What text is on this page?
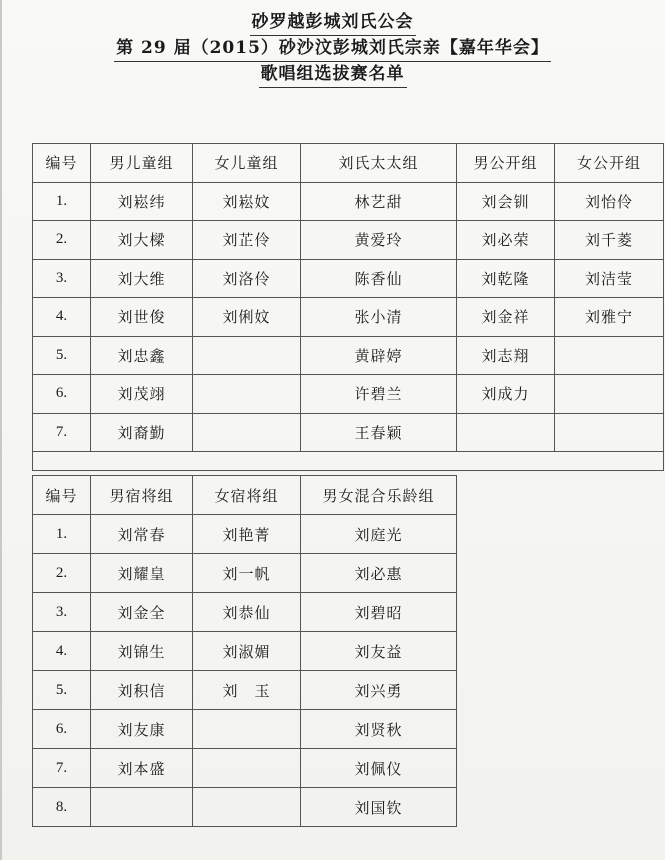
砂罗越彭城刘氏公会
第 29 届（2015）砂沙汶彭城刘氏宗亲【嘉年华会】
歌唱组选拔赛名单
编号	男儿童组	女儿童组	刘氏太太组	男公开组	女公开组
1.	刘崧纬	刘崧妏	林艺甜	刘会钏	刘怡伶
2.	刘大樑	刘芷伶	黄爱玲	刘必荣	刘千菱
3.	刘大维	刘洛伶	陈香仙	刘乾隆	刘洁莹
4.	刘世俊	刘俐妏	张小清	刘金祥	刘雅宁
5.	刘忠鑫		黄辟婷	刘志翔	
6.	刘茂翊		许碧兰	刘成力	
7.	刘裔勤		王春颖		

编号	男宿将组	女宿将组	男女混合乐龄组
1.	刘常春	刘艳菁	刘庭光
2.	刘耀皇	刘一帆	刘必惠
3.	刘金全	刘恭仙	刘碧昭
4.	刘锦生	刘淑媚	刘友益
5.	刘积信	刘　玉	刘兴勇
6.	刘友康		刘贤秋
7.	刘本盛		刘佩仪
8.			刘国钦
